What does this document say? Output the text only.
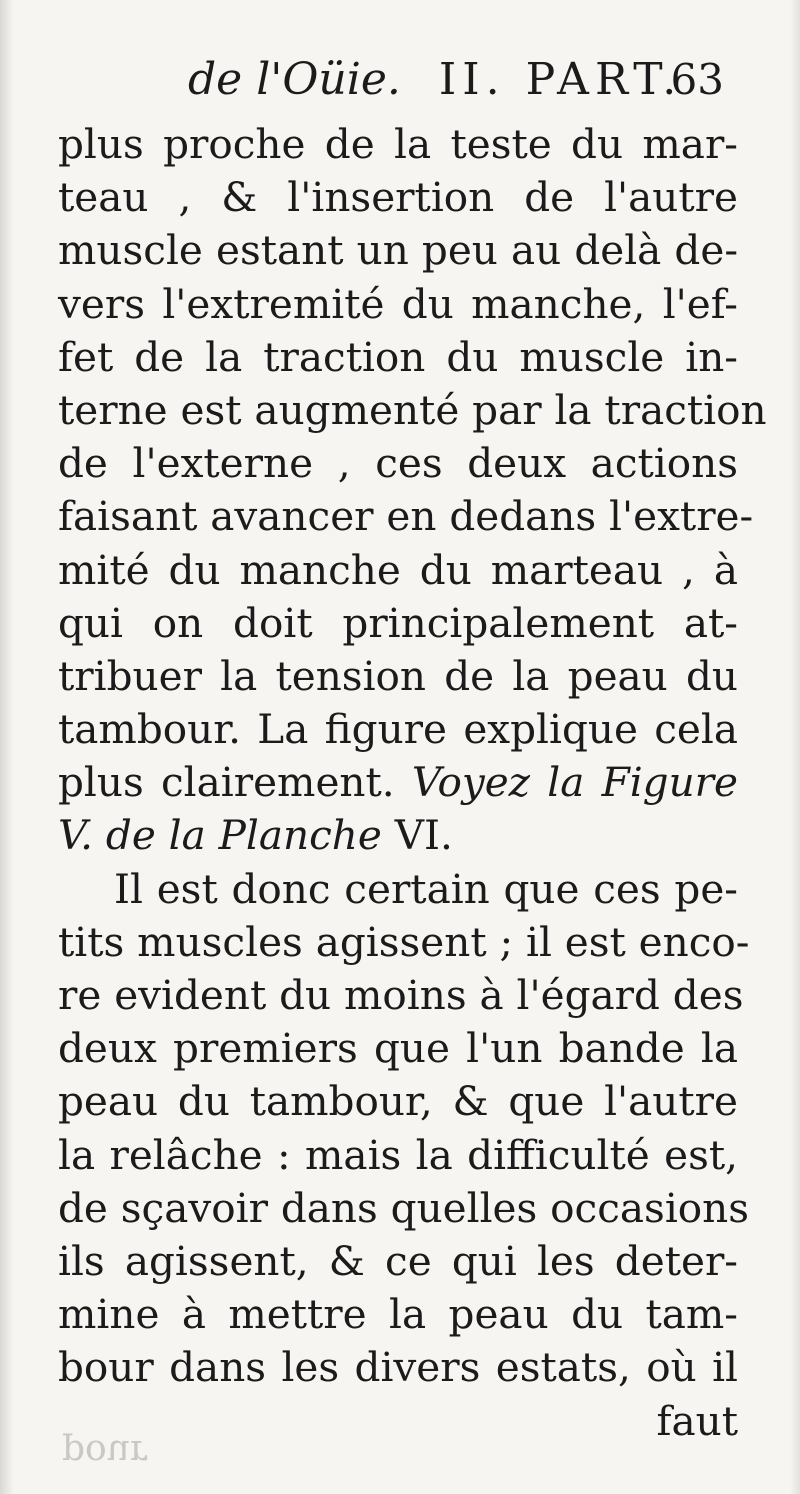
de l'Oüie. II. PART.
63
plus proche de la teste du mar-
teau , & l'insertion de l'autre
muscle estant un peu au delà de-
vers l'extremité du manche, l'ef-
fet de la traction du muscle in-
terne est augmenté par la traction
de l'externe , ces deux actions
faisant avancer en dedans l'extre-
mité du manche du marteau , à
qui on doit principalement at-
tribuer la tension de la peau du
tambour. La figure explique cela
plus clairement. Voyez la Figure
V. de la Planche VI.
Il est donc certain que ces pe-
tits muscles agissent ; il est enco-
re evident du moins à l'égard des
deux premiers que l'un bande la
peau du tambour, & que l'autre
la relâche : mais la difficulté est,
de sçavoir dans quelles occasions
ils agissent, & ce qui les deter-
mine à mettre la peau du tam-
bour dans les divers estats, où il
faut
pour
